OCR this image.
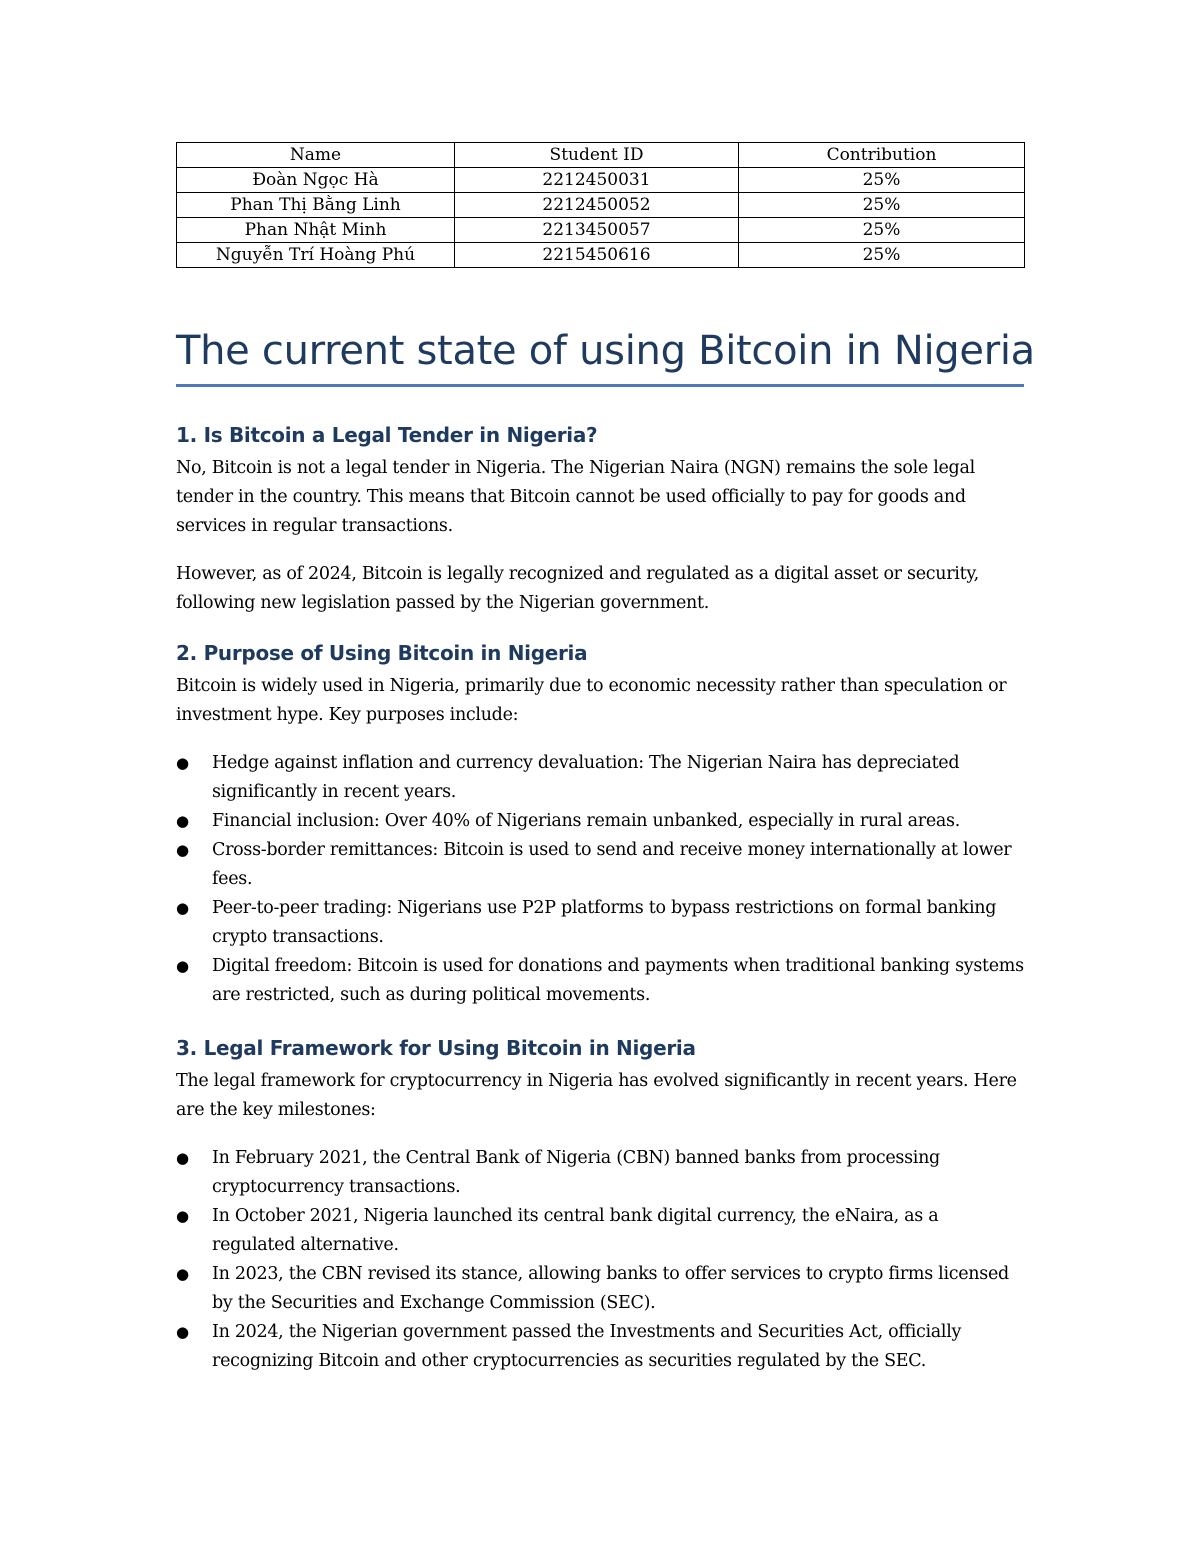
Name	Student ID	Contribution
Đoàn Ngọc Hà	2212450031	25%
Phan Thị Bằng Linh	2212450052	25%
Phan Nhật Minh	2213450057	25%
Nguyễn Trí Hoàng Phú	2215450616	25%
The current state of using Bitcoin in Nigeria
1. Is Bitcoin a Legal Tender in Nigeria?

No, Bitcoin is not a legal tender in Nigeria. The Nigerian Naira (NGN) remains the sole legal tender in the country. This means that Bitcoin cannot be used officially to pay for goods and services in regular transactions.

However, as of 2024, Bitcoin is legally recognized and regulated as a digital asset or security, following new legislation passed by the Nigerian government.

2. Purpose of Using Bitcoin in Nigeria

Bitcoin is widely used in Nigeria, primarily due to economic necessity rather than speculation or investment hype. Key purposes include:

● Hedge against inflation and currency devaluation: The Nigerian Naira has depreciated significantly in recent years.
● Financial inclusion: Over 40% of Nigerians remain unbanked, especially in rural areas.
● Cross-border remittances: Bitcoin is used to send and receive money internationally at lower fees.
● Peer-to-peer trading: Nigerians use P2P platforms to bypass restrictions on formal banking crypto transactions.
● Digital freedom: Bitcoin is used for donations and payments when traditional banking systems are restricted, such as during political movements.
3. Legal Framework for Using Bitcoin in Nigeria

The legal framework for cryptocurrency in Nigeria has evolved significantly in recent years. Here are the key milestones:

● In February 2021, the Central Bank of Nigeria (CBN) banned banks from processing cryptocurrency transactions.
● In October 2021, Nigeria launched its central bank digital currency, the eNaira, as a regulated alternative.
● In 2023, the CBN revised its stance, allowing banks to offer services to crypto firms licensed by the Securities and Exchange Commission (SEC).
● In 2024, the Nigerian government passed the Investments and Securities Act, officially recognizing Bitcoin and other cryptocurrencies as securities regulated by the SEC.
